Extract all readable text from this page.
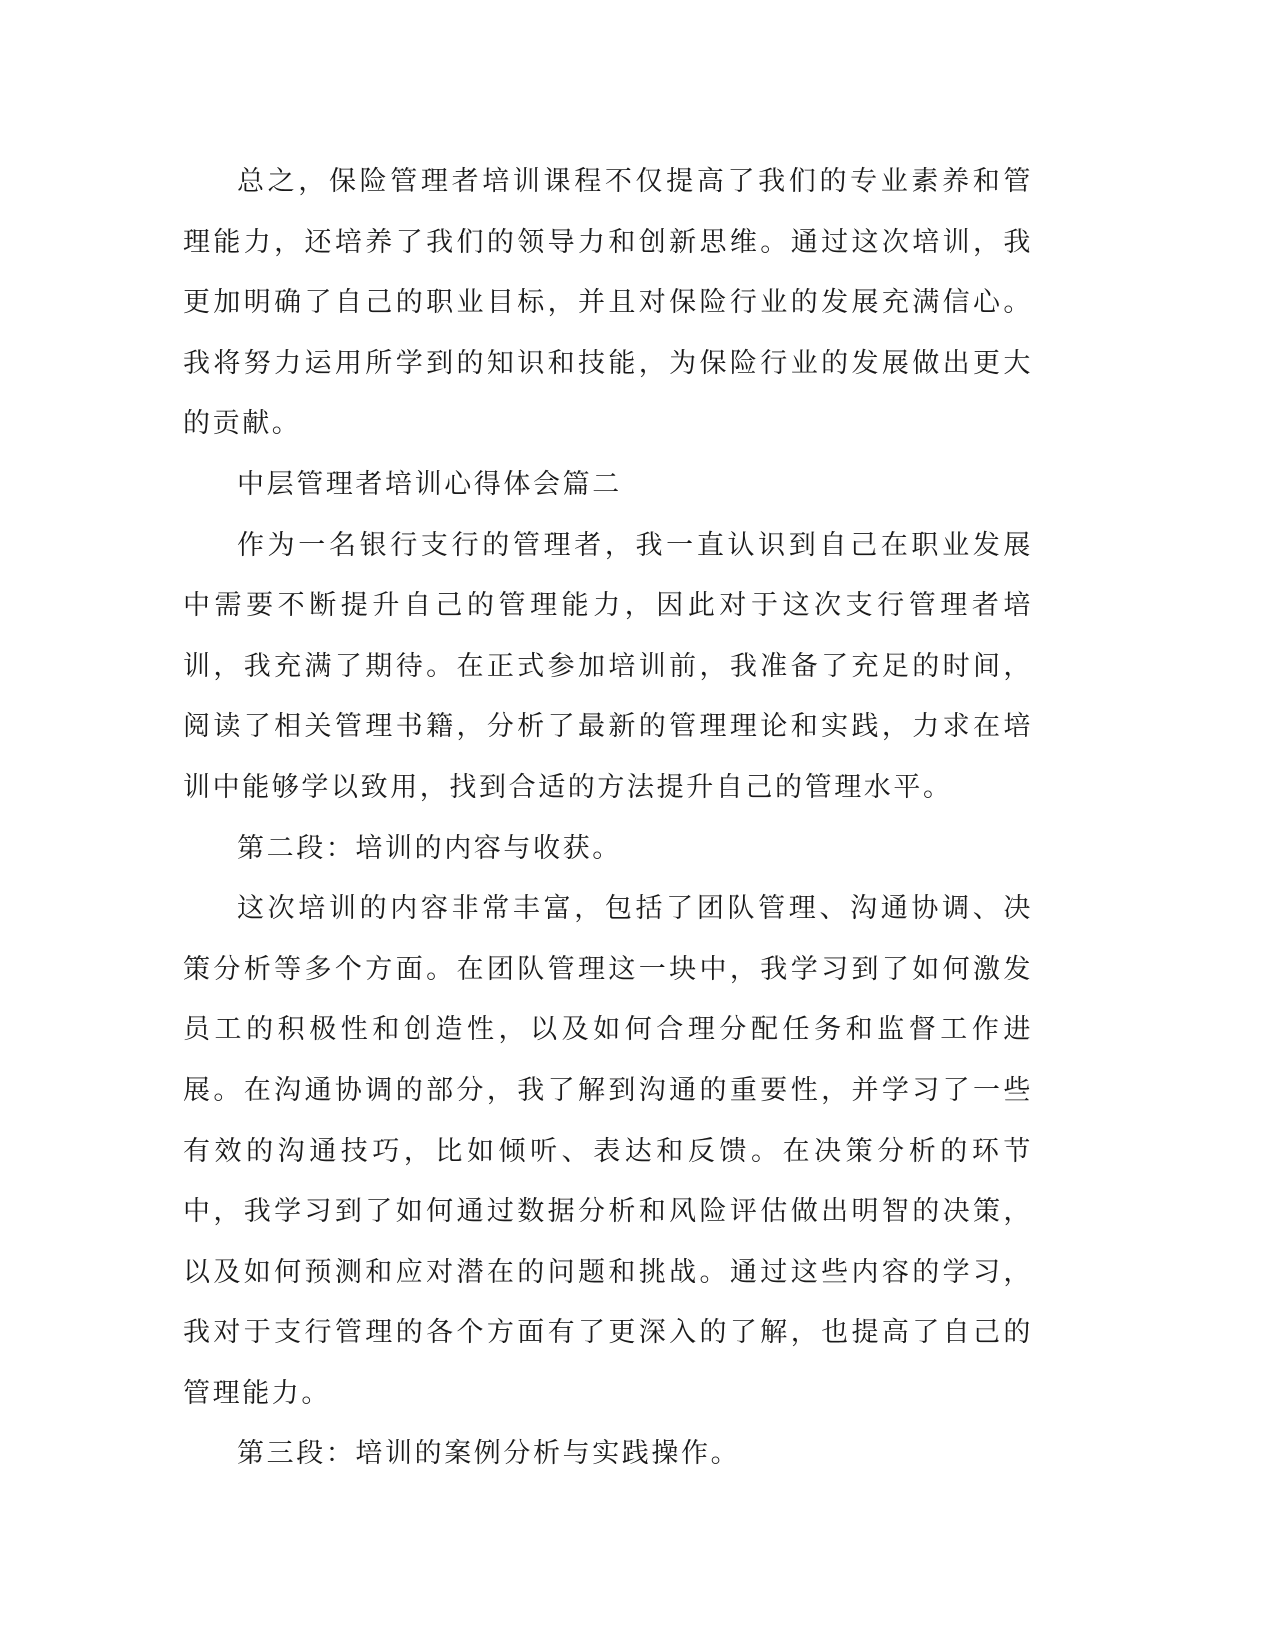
总之，保险管理者培训课程不仅提高了我们的专业素养和管理能力，还培养了我们的领导力和创新思维。通过这次培训，我更加明确了自己的职业目标，并且对保险行业的发展充满信心。我将努力运用所学到的知识和技能，为保险行业的发展做出更大的贡献。

中层管理者培训心得体会篇二

作为一名银行支行的管理者，我一直认识到自己在职业发展中需要不断提升自己的管理能力，因此对于这次支行管理者培训，我充满了期待。在正式参加培训前，我准备了充足的时间，阅读了相关管理书籍，分析了最新的管理理论和实践，力求在培训中能够学以致用，找到合适的方法提升自己的管理水平。

第二段：培训的内容与收获。

这次培训的内容非常丰富，包括了团队管理、沟通协调、决策分析等多个方面。在团队管理这一块中，我学习到了如何激发员工的积极性和创造性，以及如何合理分配任务和监督工作进展。在沟通协调的部分，我了解到沟通的重要性，并学习了一些有效的沟通技巧，比如倾听、表达和反馈。在决策分析的环节中，我学习到了如何通过数据分析和风险评估做出明智的决策，以及如何预测和应对潜在的问题和挑战。通过这些内容的学习，我对于支行管理的各个方面有了更深入的了解，也提高了自己的管理能力。

第三段：培训的案例分析与实践操作。
